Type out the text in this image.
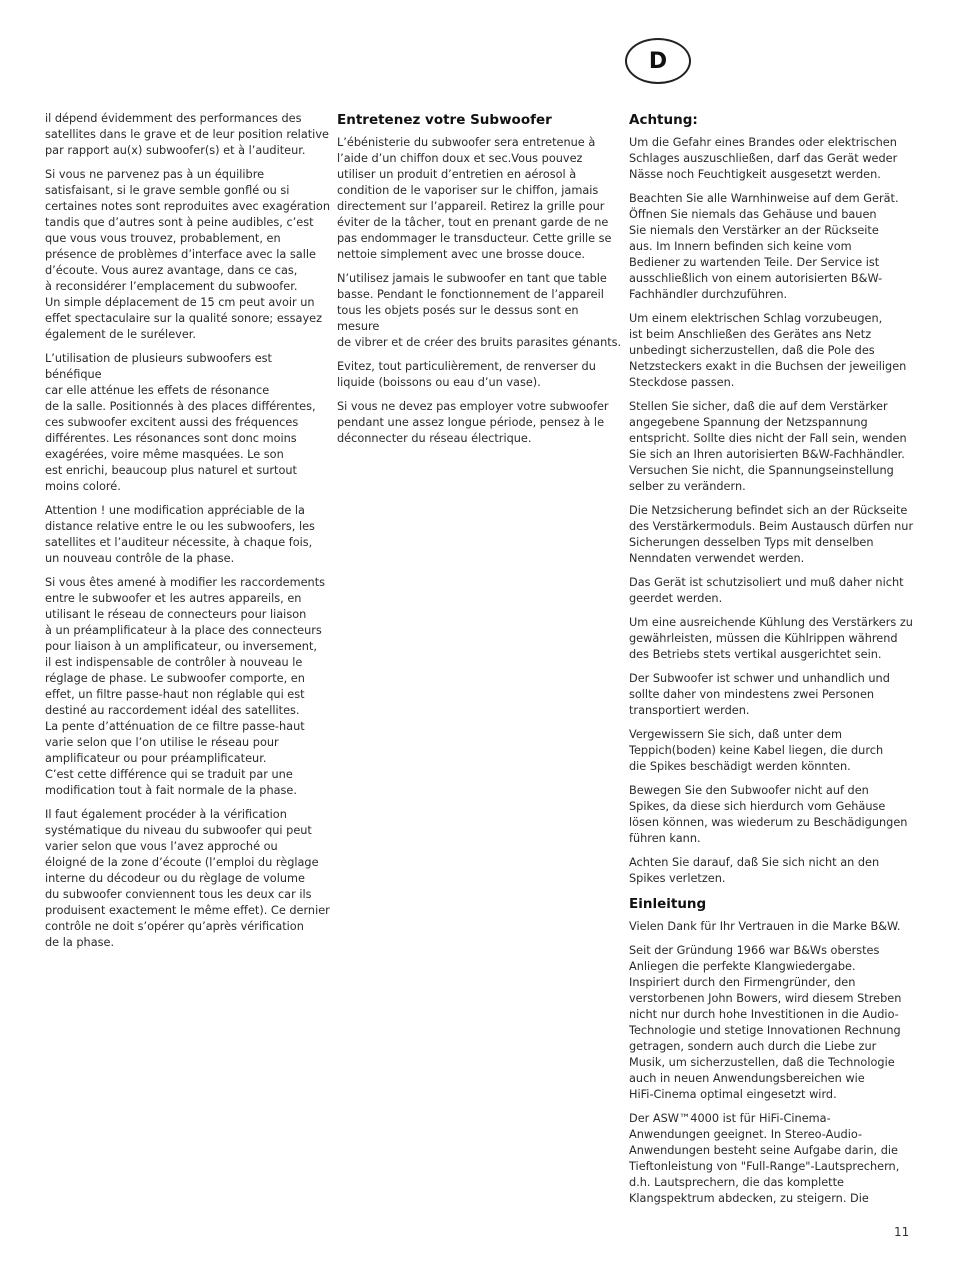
D

il dépend évidemment des performances des
satellites dans le grave et de leur position relative
par rapport au(x) subwoofer(s) et à l’auditeur.

Si vous ne parvenez pas à un équilibre
satisfaisant, si le grave semble gonflé ou si
certaines notes sont reproduites avec exagération
tandis que d’autres sont à peine audibles, c’est
que vous vous trouvez, probablement, en
présence de problèmes d’interface avec la salle
d’écoute. Vous aurez avantage, dans ce cas,
à reconsidérer l’emplacement du subwoofer.
Un simple déplacement de 15 cm peut avoir un
effet spectaculaire sur la qualité sonore; essayez
également de le surélever.

L’utilisation de plusieurs subwoofers est bénéfique
car elle atténue les effets de résonance
de la salle. Positionnés à des places différentes,
ces subwoofer excitent aussi des fréquences
différentes. Les résonances sont donc moins
exagérées, voire même masquées. Le son
est enrichi, beaucoup plus naturel et surtout
moins coloré.

Attention ! une modification appréciable de la
distance relative entre le ou les subwoofers, les
satellites et l’auditeur nécessite, à chaque fois,
un nouveau contrôle de la phase.

Si vous êtes amené à modifier les raccordements
entre le subwoofer et les autres appareils, en
utilisant le réseau de connecteurs pour liaison
à un préamplificateur à la place des connecteurs
pour liaison à un amplificateur, ou inversement,
il est indispensable de contrôler à nouveau le
réglage de phase. Le subwoofer comporte, en
effet, un filtre passe-haut non réglable qui est
destiné au raccordement idéal des satellites.
La pente d’atténuation de ce filtre passe-haut
varie selon que l’on utilise le réseau pour
amplificateur ou pour préamplificateur.
C’est cette différence qui se traduit par une
modification tout à fait normale de la phase.

Il faut également procéder à la vérification
systématique du niveau du subwoofer qui peut
varier selon que vous l’avez approché ou
éloigné de la zone d’écoute (l’emploi du règlage
interne du décodeur ou du règlage de volume
du subwoofer conviennent tous les deux car ils
produisent exactement le même effet). Ce dernier
contrôle ne doit s’opérer qu’après vérification
de la phase.

Entretenez votre Subwoofer

L’ébénisterie du subwoofer sera entretenue à
l’aide d’un chiffon doux et sec.Vous pouvez
utiliser un produit d’entretien en aérosol à
condition de le vaporiser sur le chiffon, jamais
directement sur l’appareil. Retirez la grille pour
éviter de la tâcher, tout en prenant garde de ne
pas endommager le transducteur. Cette grille se
nettoie simplement avec une brosse douce.

N’utilisez jamais le subwoofer en tant que table
basse. Pendant le fonctionnement de l’appareil
tous les objets posés sur le dessus sont en mesure
de vibrer et de créer des bruits parasites génants.

Evitez, tout particulièrement, de renverser du
liquide (boissons ou eau d’un vase).

Si vous ne devez pas employer votre subwoofer
pendant une assez longue période, pensez à le
déconnecter du réseau électrique.

Achtung:

Um die Gefahr eines Brandes oder elektrischen
Schlages auszuschließen, darf das Gerät weder
Nässe noch Feuchtigkeit ausgesetzt werden.

Beachten Sie alle Warnhinweise auf dem Gerät.
Öffnen Sie niemals das Gehäuse und bauen
Sie niemals den Verstärker an der Rückseite
aus. Im Innern befinden sich keine vom
Bediener zu wartenden Teile. Der Service ist
ausschließlich von einem autorisierten B&W-
Fachhändler durchzuführen.

Um einem elektrischen Schlag vorzubeugen,
ist beim Anschließen des Gerätes ans Netz
unbedingt sicherzustellen, daß die Pole des
Netzsteckers exakt in die Buchsen der jeweiligen
Steckdose passen.

Stellen Sie sicher, daß die auf dem Verstärker
angegebene Spannung der Netzspannung
entspricht. Sollte dies nicht der Fall sein, wenden
Sie sich an Ihren autorisierten B&W-Fachhändler.
Versuchen Sie nicht, die Spannungseinstellung
selber zu verändern.

Die Netzsicherung befindet sich an der Rückseite
des Verstärkermoduls. Beim Austausch dürfen nur
Sicherungen desselben Typs mit denselben
Nenndaten verwendet werden.

Das Gerät ist schutzisoliert und muß daher nicht
geerdet werden.

Um eine ausreichende Kühlung des Verstärkers zu
gewährleisten, müssen die Kühlrippen während
des Betriebs stets vertikal ausgerichtet sein.

Der Subwoofer ist schwer und unhandlich und
sollte daher von mindestens zwei Personen
transportiert werden.

Vergewissern Sie sich, daß unter dem
Teppich(boden) keine Kabel liegen, die durch
die Spikes beschädigt werden könnten.

Bewegen Sie den Subwoofer nicht auf den
Spikes, da diese sich hierdurch vom Gehäuse
lösen können, was wiederum zu Beschädigungen
führen kann.

Achten Sie darauf, daß Sie sich nicht an den
Spikes verletzen.

Einleitung

Vielen Dank für Ihr Vertrauen in die Marke B&W.

Seit der Gründung 1966 war B&Ws oberstes
Anliegen die perfekte Klangwiedergabe.
Inspiriert durch den Firmengründer, den
verstorbenen John Bowers, wird diesem Streben
nicht nur durch hohe Investitionen in die Audio-
Technologie und stetige Innovationen Rechnung
getragen, sondern auch durch die Liebe zur
Musik, um sicherzustellen, daß die Technologie
auch in neuen Anwendungsbereichen wie
HiFi-Cinema optimal eingesetzt wird.

Der ASW™4000 ist für HiFi-Cinema-
Anwendungen geeignet. In Stereo-Audio-
Anwendungen besteht seine Aufgabe darin, die
Tieftonleistung von "Full-Range"-Lautsprechern,
d.h. Lautsprechern, die das komplette
Klangspektrum abdecken, zu steigern. Die

11
